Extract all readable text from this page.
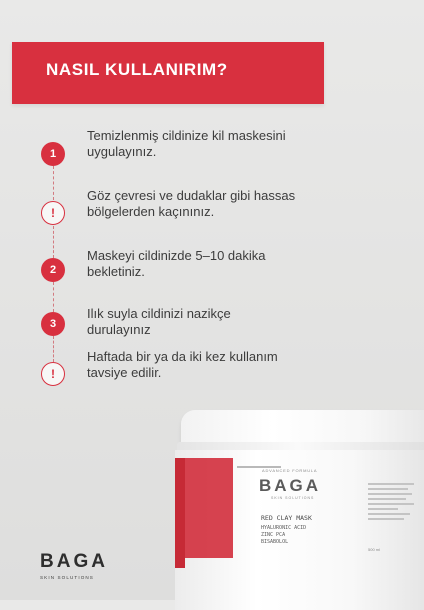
NASIL KULLANIRIM?
1
Temizlenmiş cildinize kil maskesini uygulayınız.
!
Göz çevresi ve dudaklar gibi hassas bölgelerden kaçınınız.
2
Maskeyi cildinizde 5–10 dakika bekletiniz.
3
Ilık suyla cildinizi nazikçe durulayınız
!
Haftada bir ya da iki kez kullanım tavsiye edilir.
ADVANCED FORMULA
BAGA
SKIN SOLUTIONS
RED CLAY MASK
HYALURONIC ACID
ZINC PCA
BISABOLOL
500 ml
BAGA
SKIN SOLUTIONS
